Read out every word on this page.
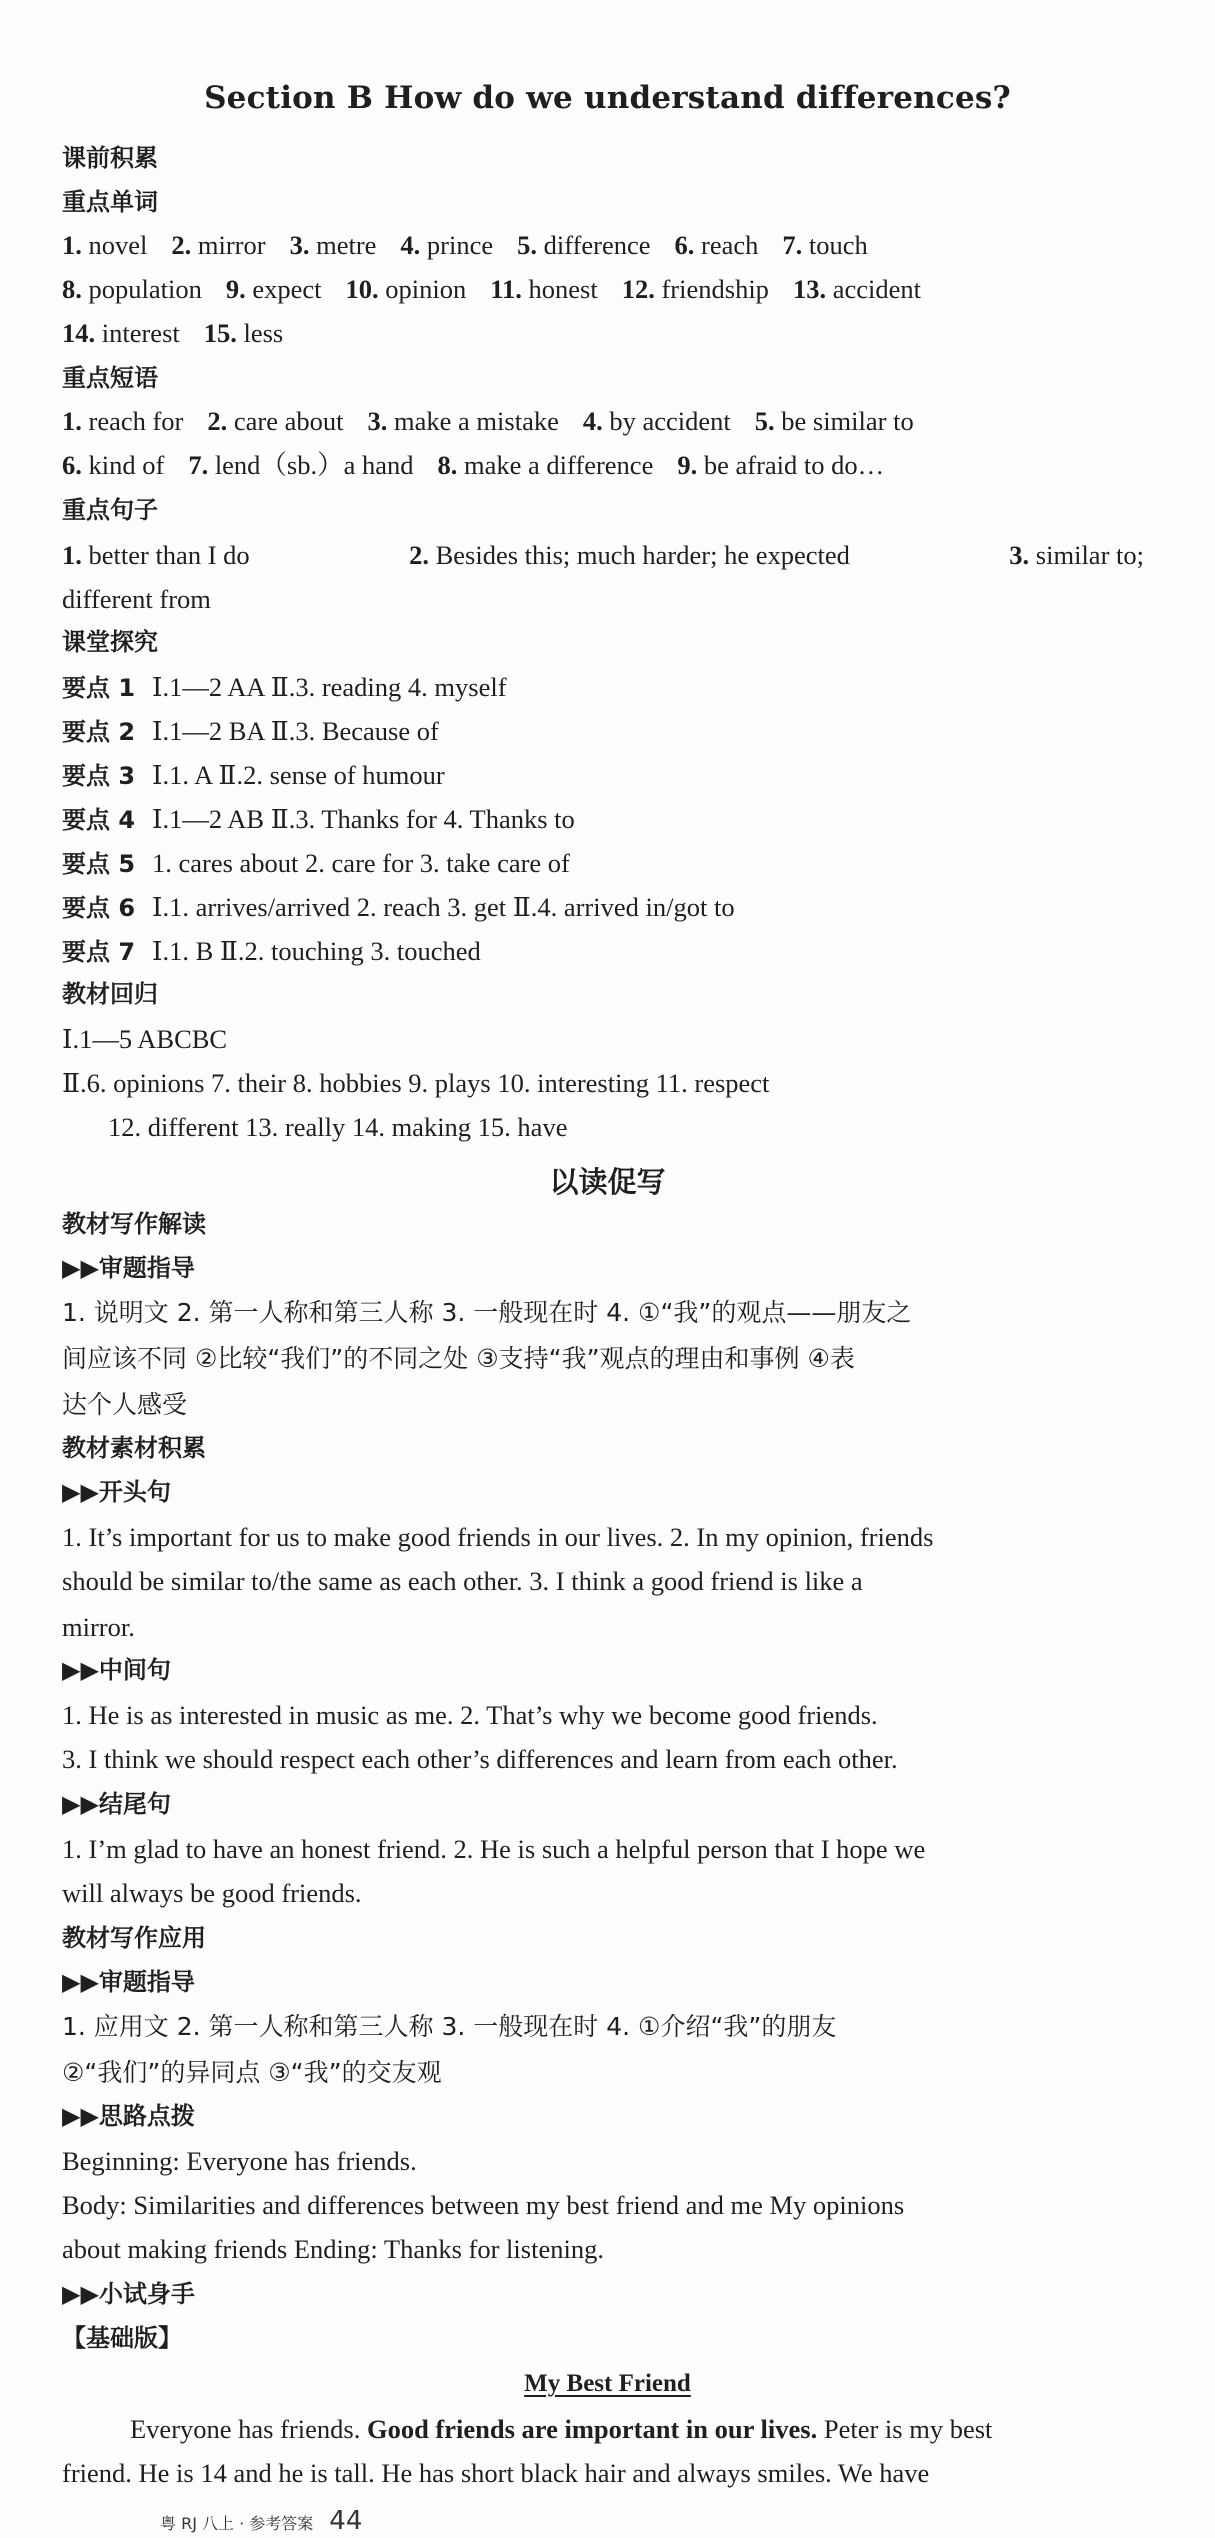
Section B How do we understand differences?
课前积累
重点单词
1. novel 2. mirror 3. metre 4. prince 5. difference 6. reach 7. touch
8. population 9. expect 10. opinion 11. honest 12. friendship 13. accident
14. interest 15. less
重点短语
1. reach for 2. care about 3. make a mistake 4. by accident 5. be similar to
6. kind of 7. lend（sb.）a hand 8. make a difference 9. be afraid to do…
重点句子
1. better than I do	2. Besides this; much harder; he expected	3. similar to;
different from
课堂探究
要点 1 Ⅰ.1—2 AA Ⅱ.3. reading 4. myself
要点 2 Ⅰ.1—2 BA Ⅱ.3. Because of
要点 3 Ⅰ.1. A Ⅱ.2. sense of humour
要点 4 Ⅰ.1—2 AB Ⅱ.3. Thanks for 4. Thanks to
要点 5 1. cares about 2. care for 3. take care of
要点 6 Ⅰ.1. arrives/arrived 2. reach 3. get Ⅱ.4. arrived in/got to
要点 7 Ⅰ.1. B Ⅱ.2. touching 3. touched
教材回归
Ⅰ.1—5 ABCBC
Ⅱ.6. opinions 7. their 8. hobbies 9. plays 10. interesting 11. respect
12. different 13. really 14. making 15. have
以读促写
教材写作解读
▶▶审题指导
1. 说明文 2. 第一人称和第三人称 3. 一般现在时 4. ①“我”的观点——朋友之
间应该不同 ②比较“我们”的不同之处 ③支持“我”观点的理由和事例 ④表
达个人感受
教材素材积累
▶▶开头句
1. It’s important for us to make good friends in our lives. 2. In my opinion, friends
should be similar to/the same as each other. 3. I think a good friend is like a
mirror.
▶▶中间句
1. He is as interested in music as me. 2. That’s why we become good friends.
3. I think we should respect each other’s differences and learn from each other.
▶▶结尾句
1. I’m glad to have an honest friend. 2. He is such a helpful person that I hope we
will always be good friends.
教材写作应用
▶▶审题指导
1. 应用文 2. 第一人称和第三人称 3. 一般现在时 4. ①介绍“我”的朋友
②“我们”的异同点 ③“我”的交友观
▶▶思路点拨
Beginning: Everyone has friends.
Body: Similarities and differences between my best friend and me My opinions
about making friends Ending: Thanks for listening.
▶▶小试身手
【基础版】
My Best Friend
Everyone has friends. Good friends are important in our lives. Peter is my best
friend. He is 14 and he is tall. He has short black hair and always smiles. We have
粤 RJ 八上 · 参考答案 44
